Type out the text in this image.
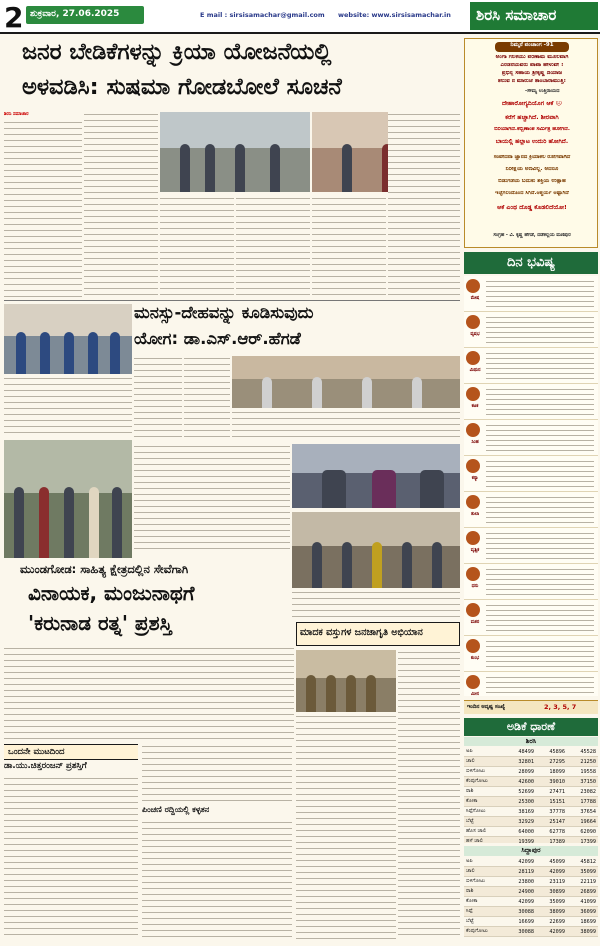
2 ಶುಕ್ರವಾರ, 27.06.2025	E mail : sirsisamachar@gmail.com	website: www.sirsisamachar.in	ಶಿರಸಿ ಸಮಾಚಾರ
ಜನರ ಬೇಡಿಕೆಗಳನ್ನು ಕ್ರಿಯಾ ಯೋಜನೆಯಲ್ಲಿ
ಅಳವಡಿಸಿ: ಸುಷಮಾ ಗೋಡಬೋಲೆ ಸೂಚನೆ
ಶಿರಸಿ ಸಮಾಚಾರ
ನಿಮ್ಮನೆ ಪಂಚಾಂಗ -91
ಅಂಗಾ ಗಲಿಕೆಯು ಪರಿಣಾಮ ಮೂಲವಾಗಿ
ಎರಡನೆಯವರು ಪಾಪಾ ಹೇಳುವೇ !
ಪ್ರಭಿನ್ನ ಸಹಾಯ ಶ್ರೀಕೃಷ್ಣ ದಿಯಾಜ
ತಲುವ ನ ಮಾರುಜೆ ತಾಂಬಾರಾಮುತ್ತಿ!
-ಸೌಮ್ಯ ಉತ್ತಿರಾಯದ
ದೇಹಾರೋಗ್ಯದಿಯೊಗ ಆಕೆ 😐
ಕರೆಗೆ ಹಚ್ಚಾಗಿದೆ. ಶೀರವಾಗಿ
ಬಿರಿಯಾಗಿದೆ.ಕಬ್ಬಿಣಾಂಶ ಸರ್ಮಿತ್ರ ಹೋಗಿದೆ.
ಬಾಯಲ್ಲಿ ಹಲ್ಲಾಟ ಉದುರಿ ಹೋಗಿದೆ.
ಸಂವೇದನಾ ಜ್ಞಾನದ ಕ್ರಿಯಾಕಲಿ ರೋಗವಾಗಿದೆ
ನಿರೀಕ್ಷೆಯ ಅಣವಿಲ್ಲ. ಅದರೂ
ಬಿಡುಗಡೆಯ ಬದುಕು ಶಕ್ತಿಯ ಉತ್ಸಾಹ
ಇಚ್ಛೆಗಲಿಂದೊಂದ ಸಿಗಿದೆ.ಆಶ್ಚರ್ಯ ಅಷ್ಟಾಗಿದೆ
ಆಕೆ ಎಂಥ ದೊಡ್ಡ ಕೊಡಲಿದೆಯೋ!
ಸಂಗ್ರಹ - ವಿ. ಕೃಷ್ಣ ಹೆಗಡೆ, ದಡೆಕಲ್ಲಿಯ ಮಣಿಪುರ
ದಿನ ಭವಿಷ್ಯ
ಮೇಷ
ವೃಷಭ
ಮಿಥುನ
ಕಟಕ
ಸಿಂಹ
ಕನ್ಯಾ
ತುಲಾ
ವೃಶ್ಚಿಕ
ಧನು
ಮಕರ
ಕುಂಭ
ಮೀನ
ಇಂದಿನ ಅದೃಷ್ಟ ಸಂಖ್ಯೆ	2, 3, 5, 7
ಅಡಿಕೆ ಧಾರಣೆ
ಶಿರಸಿ
ಅಪಿ	48499	45896	45528
ಚಾಲಿ	32801	27295	21250
ಬಿಳಿಗೋಟು	28099	18099	19558
ಕೆಂಪುಗೋಟು	42600	39010	37150
ರಾಶಿ	52699	27471	23082
ಕೋಕಾ	25300	15151	17788
ಸಿಪ್ಪೆಗೋಟು	38169	37778	37654
ಬೆಟ್ಟೆ	32929	25147	19664
ಹೊಸ ಚಾಲಿ	64000	62778	62090
ಹಳೆ ಚಾಲಿ	19399	17389	17399
ಸಿದ್ದಾಪುರ
ಅಪಿ	42099	45099	45812
ಚಾಲಿ	28119	42099	35099
ಬಿಳಿಗೋಟು	23800	23119	22119
ರಾಶಿ	24900	30899	26899
ಕೋಕಾ	42099	35099	41099
ಸಿಪ್ಪೆ	30088	38099	36099
ಬೆಟ್ಟೆ	16699	22699	18699
ಕೆಂಪುಗೋಟು	30088	42099	38099
ಮನಸ್ಸು-ದೇಹವನ್ನು ಕೂಡಿಸುವುದು
ಯೋಗ: ಡಾ.ಎಸ್.ಆರ್.ಹೆಗಡೆ
ಮುಂಡಗೋಡ: ಸಾಹಿತ್ಯ ಕ್ಷೇತ್ರದಲ್ಲಿನ ಸೇವೆಗಾಗಿ
ವಿನಾಯಕ, ಮಂಜುನಾಥಗೆ
'ಕರುನಾಡ ರತ್ನ' ಪ್ರಶಸ್ತಿ	ಮಾದಕ ವಸ್ತುಗಳ ಜನಜಾಗೃತಿ ಅಭಿಯಾನ
ಒಂದನೇ ಮುಟದಿಂದ
ಡಾ.ಯು.ಚಿತ್ತರಂಜನ್ ಪ್ರಶಸ್ತಿಗೆ
ಪಿಂಚಣಿ ರದ್ದಿಯಲ್ಲಿ ಕಳ್ಳತನ
